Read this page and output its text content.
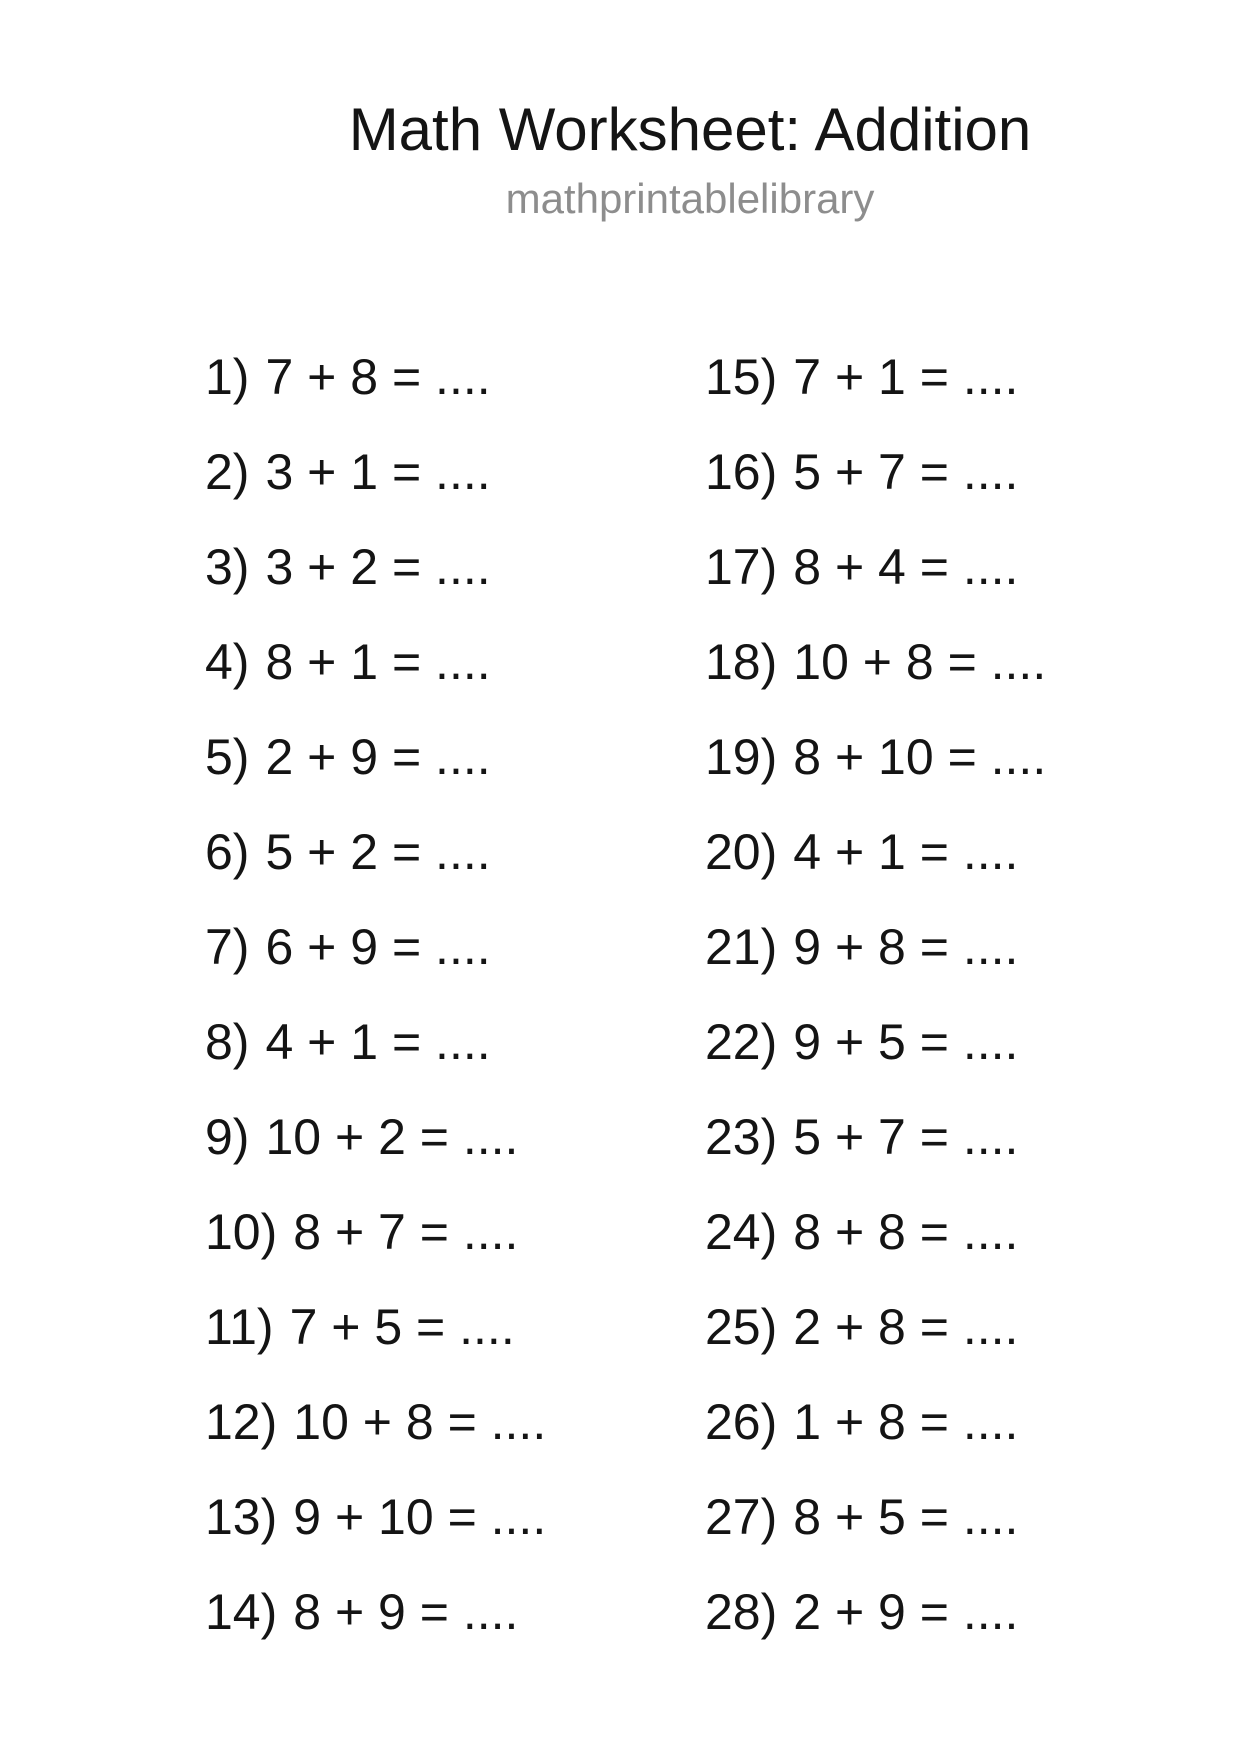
Math Worksheet: Addition
mathprintablelibrary
1) 7 + 8 = ....
2) 3 + 1 = ....
3) 3 + 2 = ....
4) 8 + 1 = ....
5) 2 + 9 = ....
6) 5 + 2 = ....
7) 6 + 9 = ....
8) 4 + 1 = ....
9) 10 + 2 = ....
10) 8 + 7 = ....
11) 7 + 5 = ....
12) 10 + 8 = ....
13) 9 + 10 = ....
14) 8 + 9 = ....
15) 7 + 1 = ....
16) 5 + 7 = ....
17) 8 + 4 = ....
18) 10 + 8 = ....
19) 8 + 10 = ....
20) 4 + 1 = ....
21) 9 + 8 = ....
22) 9 + 5 = ....
23) 5 + 7 = ....
24) 8 + 8 = ....
25) 2 + 8 = ....
26) 1 + 8 = ....
27) 8 + 5 = ....
28) 2 + 9 = ....
